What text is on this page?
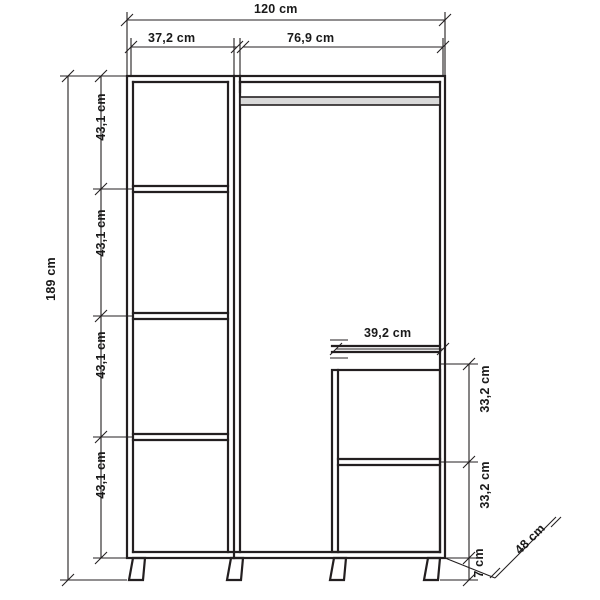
120 cm
37,2 cm	76,9 cm
189 cm
43,1 cm
43,1 cm
43,1 cm
43,1 cm
39,2 cm
33,2 cm
33,2 cm
7 cm
48 cm
